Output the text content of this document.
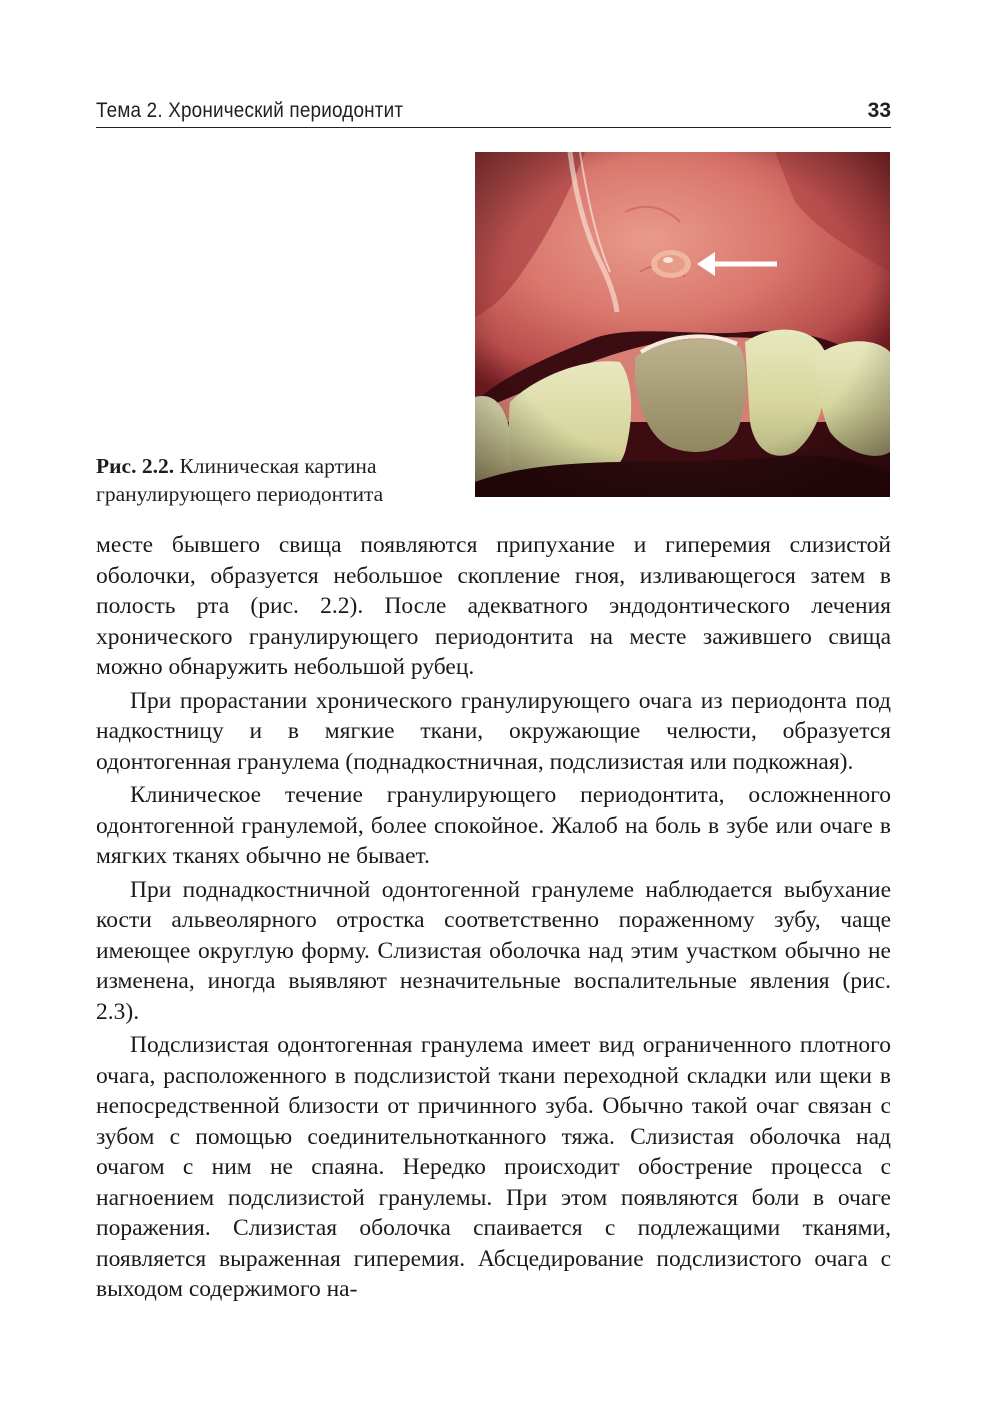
Тема 2. Хронический периодонтит	33
Рис. 2.2. Клиническая картина гранулирующего периодонтита

месте бывшего свища появляются припухание и гиперемия слизистой оболочки, образуется небольшое скопление гноя, изливающегося затем в полость рта (рис. 2.2). После адекватного эндодонтического лечения хронического гранулирующего периодонтита на месте зажившего свища можно обнаружить небольшой рубец.

При прорастании хронического гранулирующего очага из периодонта под надкостницу и в мягкие ткани, окружающие челюсти, образуется одонтогенная гранулема (поднадкостничная, подслизистая или подкожная).

Клиническое течение гранулирующего периодонтита, осложненного одонтогенной гранулемой, более спокойное. Жалоб на боль в зубе или очаге в мягких тканях обычно не бывает.

При поднадкостничной одонтогенной гранулеме наблюдается выбухание кости альвеолярного отростка соответственно пораженному зубу, чаще имеющее округлую форму. Слизистая оболочка над этим участком обычно не изменена, иногда выявляют незначительные воспалительные явления (рис. 2.3).

Подслизистая одонтогенная гранулема имеет вид ограниченного плотного очага, расположенного в подслизистой ткани переходной складки или щеки в непосредственной близости от причинного зуба. Обычно такой очаг связан с зубом с помощью соединительнотканного тяжа. Слизистая оболочка над очагом с ним не спаяна. Нередко происходит обострение процесса с нагноением подслизистой гранулемы. При этом появляются боли в очаге поражения. Слизистая оболочка спаивается с подлежащими тканями, появляется выраженная гиперемия. Абсцедирование подслизистого очага с выходом содержимого на-
